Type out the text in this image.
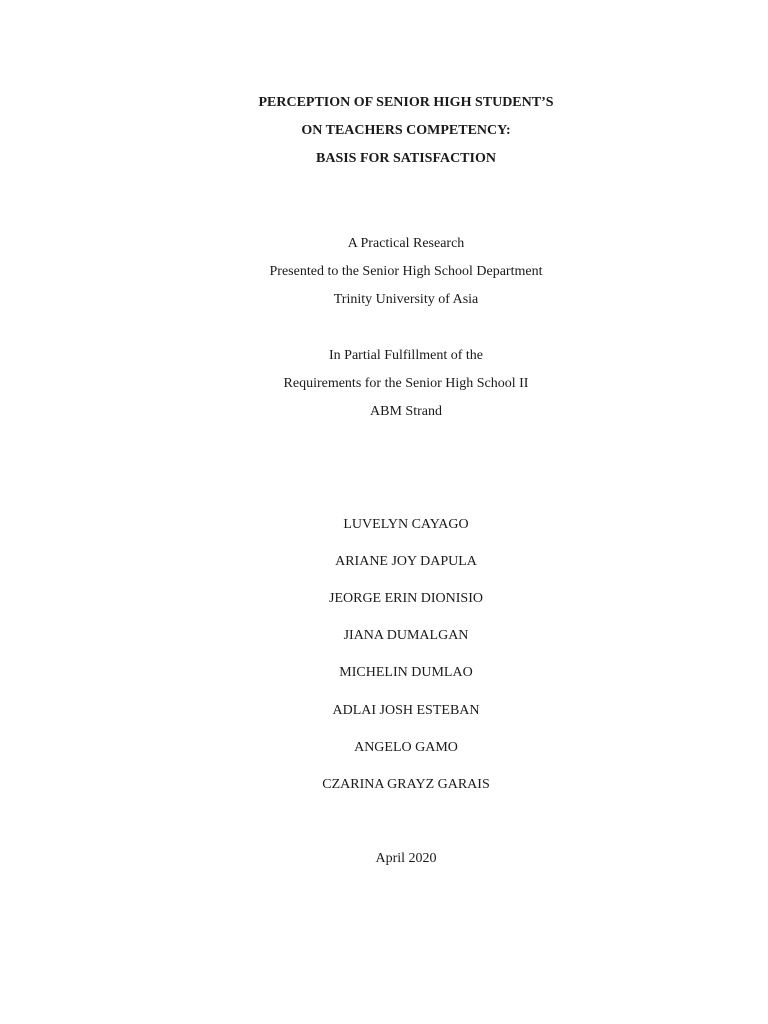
PERCEPTION OF SENIOR HIGH STUDENT’S
ON TEACHERS COMPETENCY:
BASIS FOR SATISFACTION
A Practical Research
Presented to the Senior High School Department
Trinity University of Asia
In Partial Fulfillment of the
Requirements for the Senior High School II
ABM Strand
LUVELYN CAYAGO
ARIANE JOY DAPULA
JEORGE ERIN DIONISIO
JIANA DUMALGAN
MICHELIN DUMLAO
ADLAI JOSH ESTEBAN
ANGELO GAMO
CZARINA GRAYZ GARAIS
April 2020
